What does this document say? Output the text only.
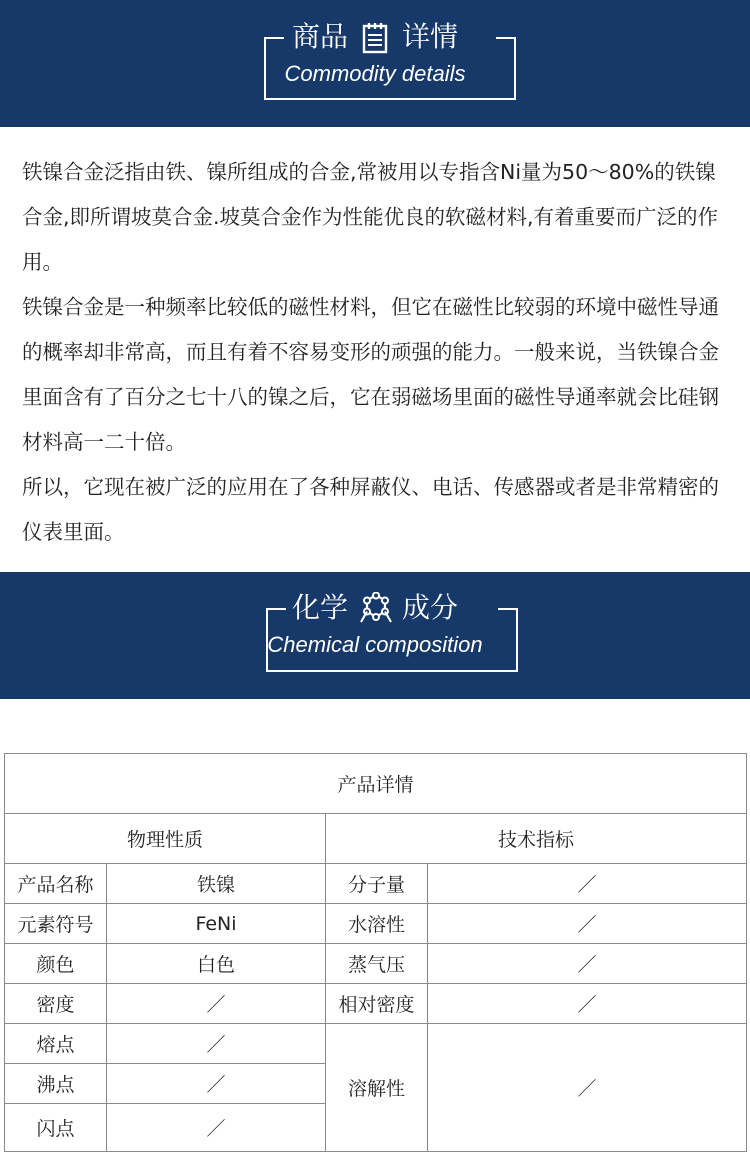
商品 详情
Commodity details

铁镍合金泛指由铁、镍所组成的合金,常被用以专指含Ni量为50～80%的铁镍合金,即所谓坡莫合金.坡莫合金作为性能优良的软磁材料,有着重要而广泛的作用。

铁镍合金是一种频率比较低的磁性材料，但它在磁性比较弱的环境中磁性导通的概率却非常高，而且有着不容易变形的顽强的能力。一般来说，当铁镍合金里面含有了百分之七十八的镍之后，它在弱磁场里面的磁性导通率就会比硅钢材料高一二十倍。

所以，它现在被广泛的应用在了各种屏蔽仪、电话、传感器或者是非常精密的仪表里面。

化学 成分
Chemical composition
产品详情			
物理性质		技术指标	
产品名称	铁镍	分子量	／
元素符号	FeNi	水溶性	／
颜色	白色	蒸气压	／
密度	／	相对密度	／
熔点	／	溶解性	／
沸点	／		
闪点	／		
